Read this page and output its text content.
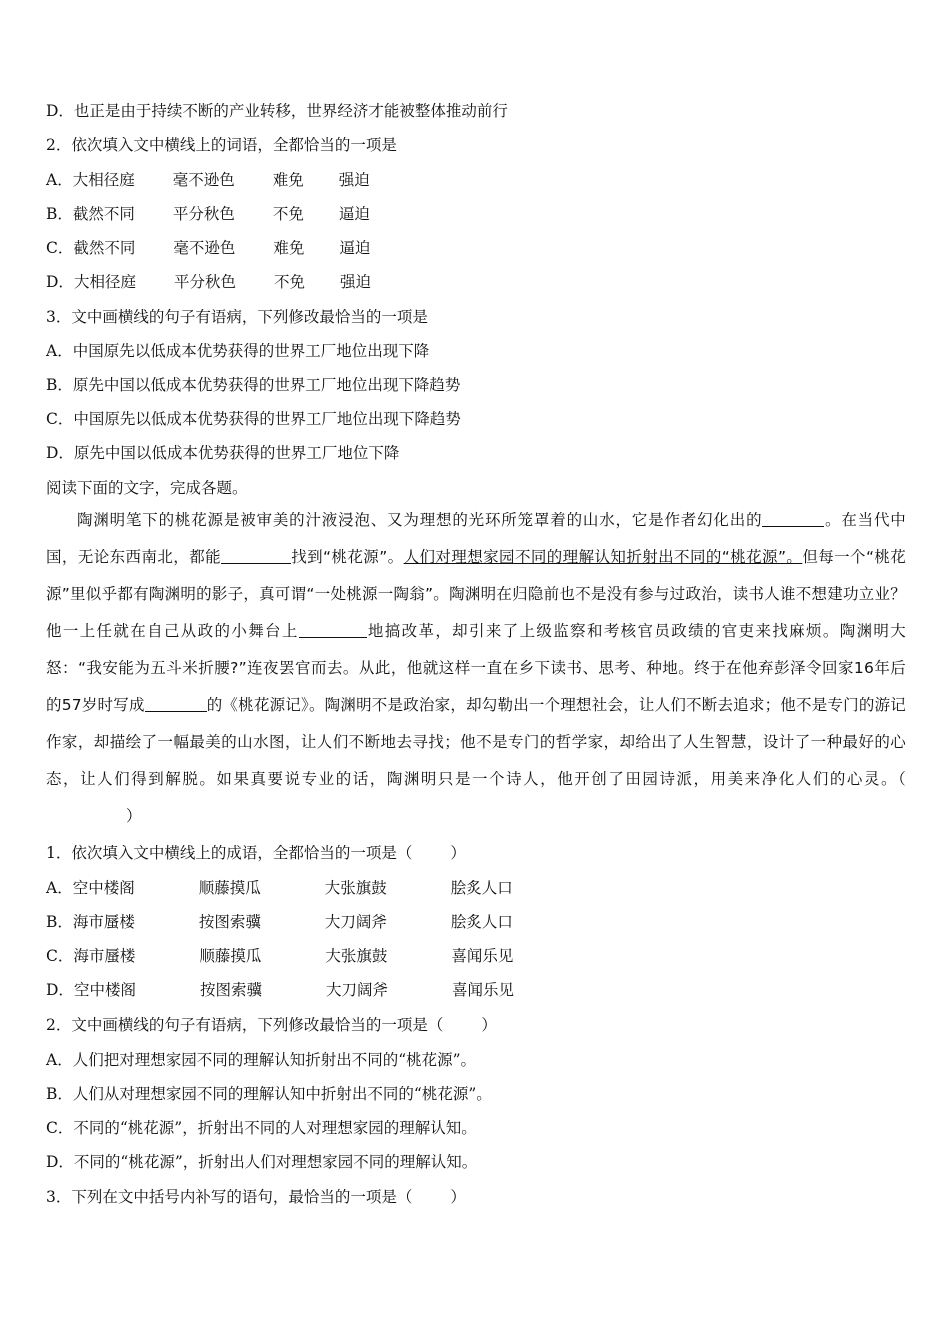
D．也正是由于持续不断的产业转移，世界经济才能被整体推动前行
2．依次填入文中横线上的词语，全都恰当的一项是
A．大相径庭 毫不逊色 难免 强迫
B．截然不同 平分秋色 不免 逼迫
C．截然不同 毫不逊色 难免 逼迫
D．大相径庭 平分秋色 不免 强迫
3．文中画横线的句子有语病，下列修改最恰当的一项是
A．中国原先以低成本优势获得的世界工厂地位出现下降
B．原先中国以低成本优势获得的世界工厂地位出现下降趋势
C．中国原先以低成本优势获得的世界工厂地位出现下降趋势
D．原先中国以低成本优势获得的世界工厂地位下降
阅读下面的文字，完成各题。

陶渊明笔下的桃花源是被审美的汁液浸泡、又为理想的光环所笼罩着的山水，它是作者幻化出的	。在当代中国，无论东西南北，都能	找到“桃花源”。人们对理想家园不同的理解认知折射出不同的“桃花源”。但每一个“桃花源”里似乎都有陶渊明的影子，真可谓“一处桃源一陶翁”。陶渊明在归隐前也不是没有参与过政治，读书人谁不想建功立业？他一上任就在自己从政的小舞台上	地搞改革，却引来了上级监察和考核官员政绩的官吏来找麻烦。陶渊明大怒：“我安能为五斗米折腰?”连夜罢官而去。从此，他就这样一直在乡下读书、思考、种地。终于在他弃彭泽令回家16年后的57岁时写成	的《桃花源记》。陶渊明不是政治家，却勾勒出一个理想社会，让人们不断去追求；他不是专门的游记作家，却描绘了一幅最美的山水图，让人们不断地去寻找；他不是专门的哲学家，却给出了人生智慧，设计了一种最好的心态，让人们得到解脱。如果真要说专业的话，陶渊明只是一个诗人，他开创了田园诗派，用美来净化人们的心灵。（）

1．依次填入文中横线上的成语，全都恰当的一项是（ ）
A．空中楼阁	顺藤摸瓜	大张旗鼓	脍炙人口
B．海市蜃楼	按图索骥	大刀阔斧	脍炙人口
C．海市蜃楼	顺藤摸瓜	大张旗鼓	喜闻乐见
D．空中楼阁	按图索骥	大刀阔斧	喜闻乐见
2．文中画横线的句子有语病，下列修改最恰当的一项是（ ）
A．人们把对理想家园不同的理解认知折射出不同的“桃花源”。
B．人们从对理想家园不同的理解认知中折射出不同的“桃花源”。
C．不同的“桃花源”，折射出不同的人对理想家园的理解认知。
D．不同的“桃花源”，折射出人们对理想家园不同的理解认知。
3．下列在文中括号内补写的语句，最恰当的一项是（ ）
